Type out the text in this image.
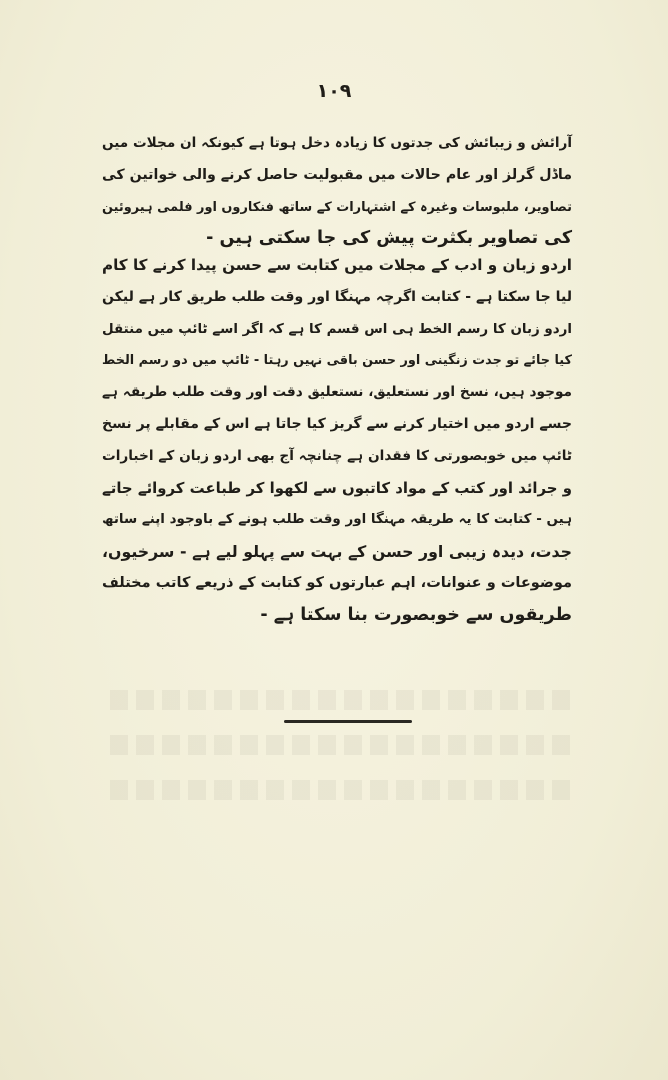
١٠٩
آرائش و زیبائش کی جدتوں کا زیادہ دخل ہوتا ہے کیونکہ ان مجلات میں
ماڈل گرلز اور عام حالات میں مقبولیت حاصل کرنے والی خواتین کی
تصاویر، ملبوسات وغیرہ کے اشتہارات کے ساتھ فنکاروں اور فلمی ہیروئین
کی تصاویر بکثرت پیش کی جا سکتی ہیں -
اردو زبان و ادب کے مجلات میں کتابت سے حسن پیدا کرنے کا کام
لیا جا سکتا ہے - کتابت اگرچہ مہنگا اور وقت طلب طریق کار ہے لیکن
اردو زبان کا رسم الخط ہی اس قسم کا ہے کہ اگر اسے ٹائپ میں منتقل
کیا جائے تو جدت زنگینی اور حسن باقی نہیں رہتا - ٹائپ میں دو رسم الخط
موجود ہیں، نسخ اور نستعلیق، نستعلیق دقت اور وقت طلب طریقہ ہے
جسے اردو میں اختیار کرنے سے گریز کیا جاتا ہے اس کے مقابلے پر نسخ
ٹائپ میں خوبصورتی کا فقدان ہے چنانچہ آج بھی اردو زبان کے اخبارات
و جرائد اور کتب کے مواد کاتبوں سے لکھوا کر طباعت کروائے جاتے
ہیں - کتابت کا یہ طریقہ مہنگا اور وقت طلب ہونے کے باوجود اپنے ساتھ
جدت، دیدہ زیبی اور حسن کے بہت سے پہلو لیے ہے - سرخیوں،
موضوعات و عنوانات، اہم عبارتوں کو کتابت کے ذریعے کاتب مختلف
طریقوں سے خوبصورت بنا سکتا ہے -
